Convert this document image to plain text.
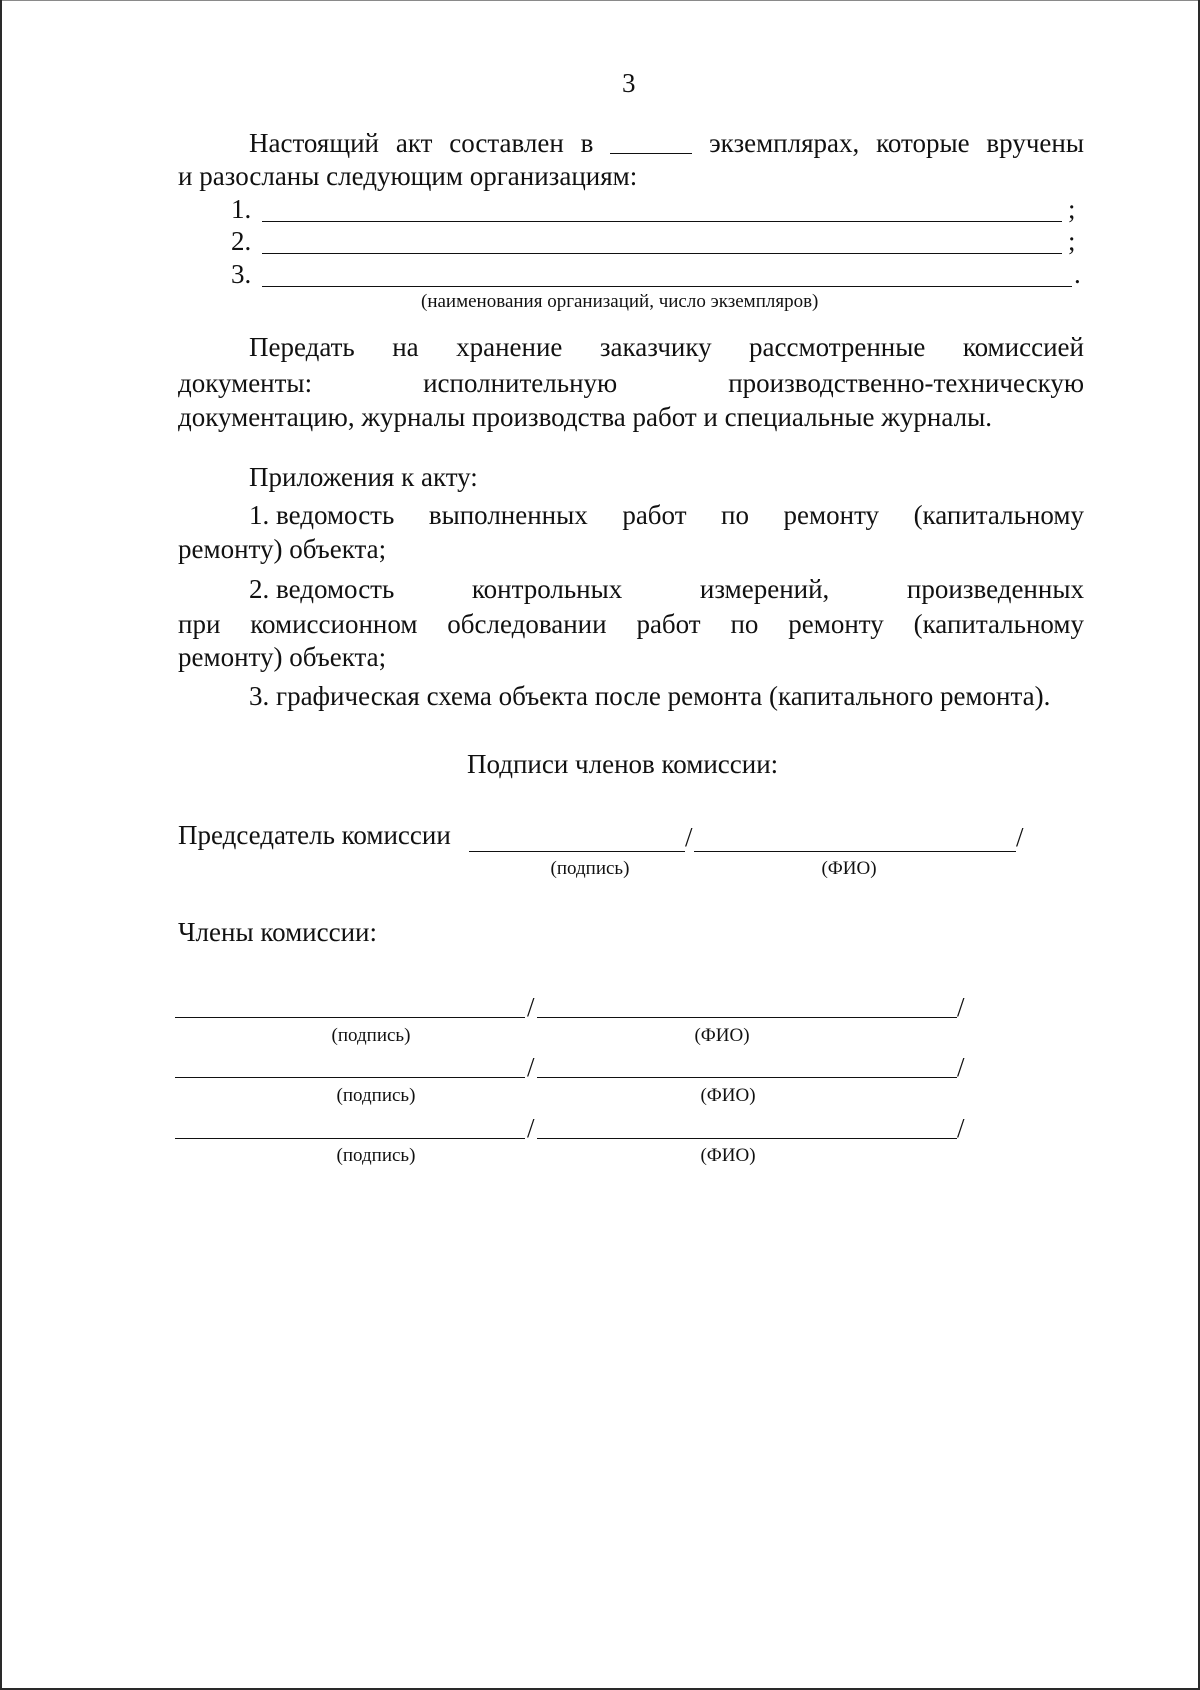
3
Настоящий акт составлен в	экземплярах, которые вручены
и разосланы следующим организациям:
1.	;
2.	;
3.	.
(наименования организаций, число экземпляров)
Передать на хранение заказчику рассмотренные комиссией
документы:	исполнительную	производственно-техническую
документацию, журналы производства работ и специальные журналы.
Приложения к акту:
1. ведомость выполненных работ по ремонту (капитальному
ремонту) объекта;
2. ведомость	контрольных	измерений,	произведенных
при комиссионном обследовании работ по ремонту (капитальному
ремонту) объекта;
3. графическая схема объекта после ремонта (капитального ремонта).
Подписи членов комиссии:
Председатель комиссии	/	/
(подпись)	(ФИО)
Члены комиссии:
/	/
(подпись)	(ФИО)
/	/
(подпись)	(ФИО)
/	/
(подпись)	(ФИО)
